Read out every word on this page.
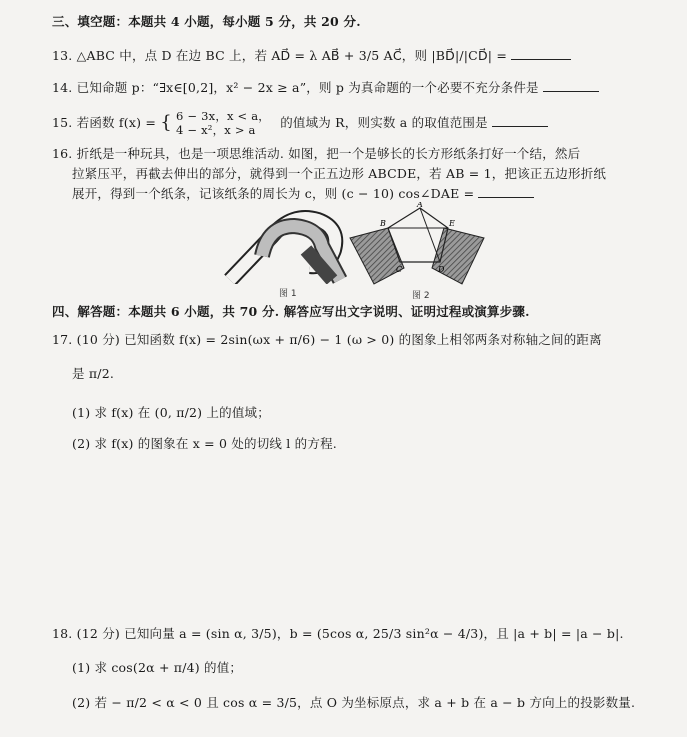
三、填空题：本题共 4 小题，每小题 5 分，共 20 分.
13. △ABC 中，点 D 在边 BC 上，若 AD⃗ = λ AB⃗ + 3/5 AC⃗，则 |BD⃗|/|CD⃗| =
14. 已知命题 p：“∃x∈[0,2]，x² − 2x ≥ a”，则 p 为真命题的一个必要不充分条件是
15. 若函数 f(x) = { 6 − 3x，x < a，
4 − x²，x > a	的值域为 R，则实数 a 的取值范围是
16. 折纸是一种玩具，也是一项思维活动. 如图，把一个是够长的长方形纸条打好一个结，然后
拉紧压平，再截去伸出的部分，就得到一个正五边形 ABCDE，若 AB = 1，把该正五边形折纸
展开，得到一个纸条，记该纸条的周长为 c，则 (c − 10) cos∠DAE =
图 1
A
B	E
C	D
图 2
四、解答题：本题共 6 小题，共 70 分. 解答应写出文字说明、证明过程或演算步骤.
17. (10 分) 已知函数 f(x) = 2sin(ωx + π/6) − 1 (ω > 0) 的图象上相邻两条对称轴之间的距离
是 π/2.
(1) 求 f(x) 在 (0, π/2) 上的值域；
(2) 求 f(x) 的图象在 x = 0 处的切线 l 的方程.
18. (12 分) 已知向量 a = (sin α, 3/5)，b = (5cos α, 25/3 sin²α − 4/3)，且 |a + b| = |a − b|.
(1) 求 cos(2α + π/4) 的值；
(2) 若 − π/2 < α < 0 且 cos α = 3/5，点 O 为坐标原点，求 a + b 在 a − b 方向上的投影数量.
